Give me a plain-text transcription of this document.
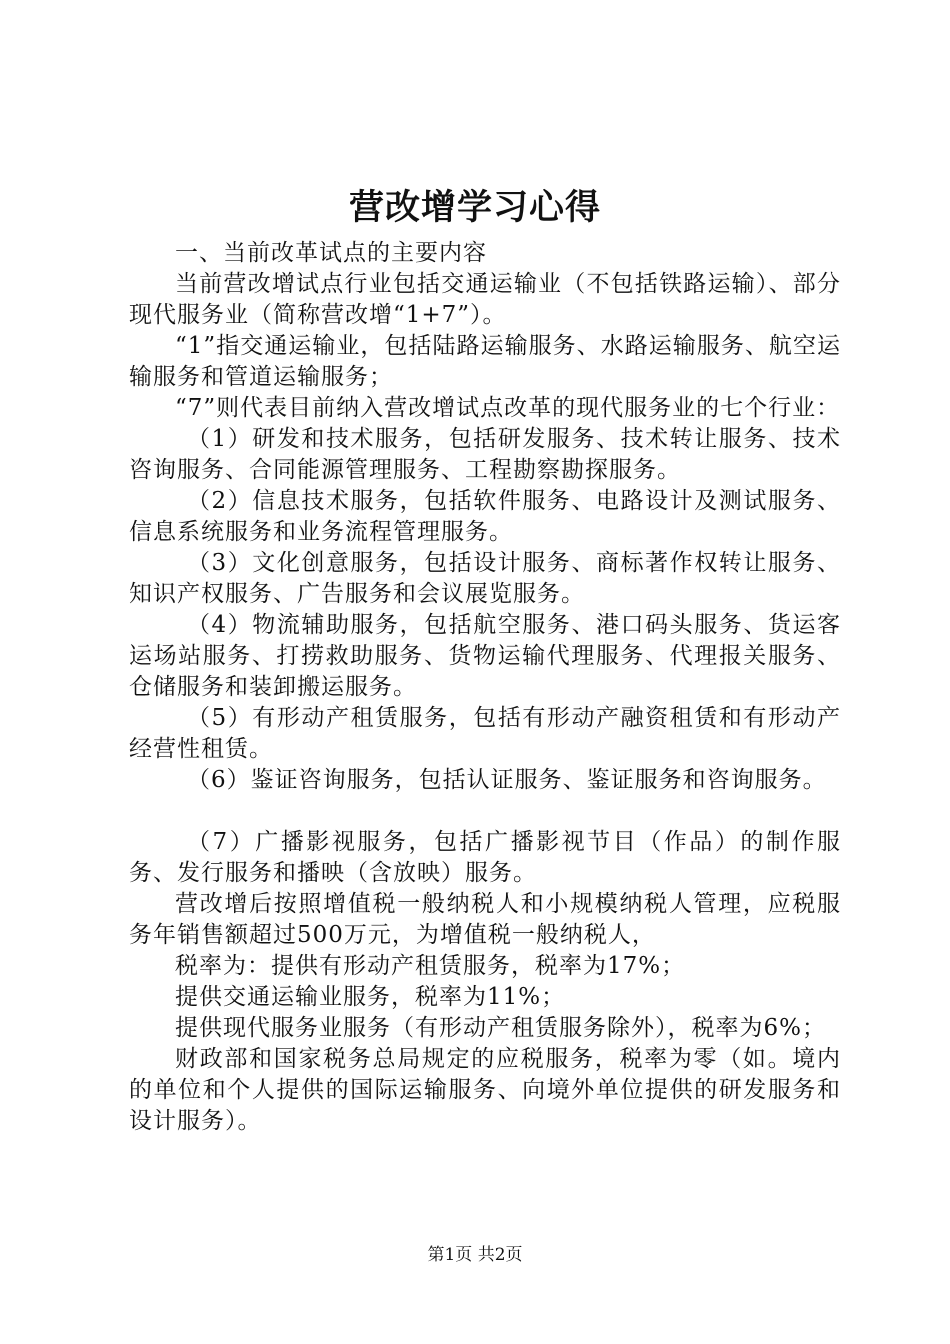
营改增学习心得

一、当前改革试点的主要内容

当前营改增试点行业包括交通运输业（不包括铁路运输）、部分现代服务业（简称营改增“1+7”）。

“1”指交通运输业，包括陆路运输服务、水路运输服务、航空运输服务和管道运输服务；

“7”则代表目前纳入营改增试点改革的现代服务业的七个行业：

（1）研发和技术服务，包括研发服务、技术转让服务、技术咨询服务、合同能源管理服务、工程勘察勘探服务。

（2）信息技术服务，包括软件服务、电路设计及测试服务、信息系统服务和业务流程管理服务。

（3）文化创意服务，包括设计服务、商标著作权转让服务、知识产权服务、广告服务和会议展览服务。

（4）物流辅助服务，包括航空服务、港口码头服务、货运客运场站服务、打捞救助服务、货物运输代理服务、代理报关服务、仓储服务和装卸搬运服务。

（5）有形动产租赁服务，包括有形动产融资租赁和有形动产经营性租赁。

（6）鉴证咨询服务，包括认证服务、鉴证服务和咨询服务。

（7）广播影视服务，包括广播影视节目（作品）的制作服务、发行服务和播映（含放映）服务。

营改增后按照增值税一般纳税人和小规模纳税人管理，应税服务年销售额超过500万元，为增值税一般纳税人，

税率为：提供有形动产租赁服务，税率为17%；

提供交通运输业服务，税率为11%；

提供现代服务业服务（有形动产租赁服务除外），税率为6%；

财政部和国家税务总局规定的应税服务，税率为零（如。境内的单位和个人提供的国际运输服务、向境外单位提供的研发服务和设计服务）。

第1页 共2页
